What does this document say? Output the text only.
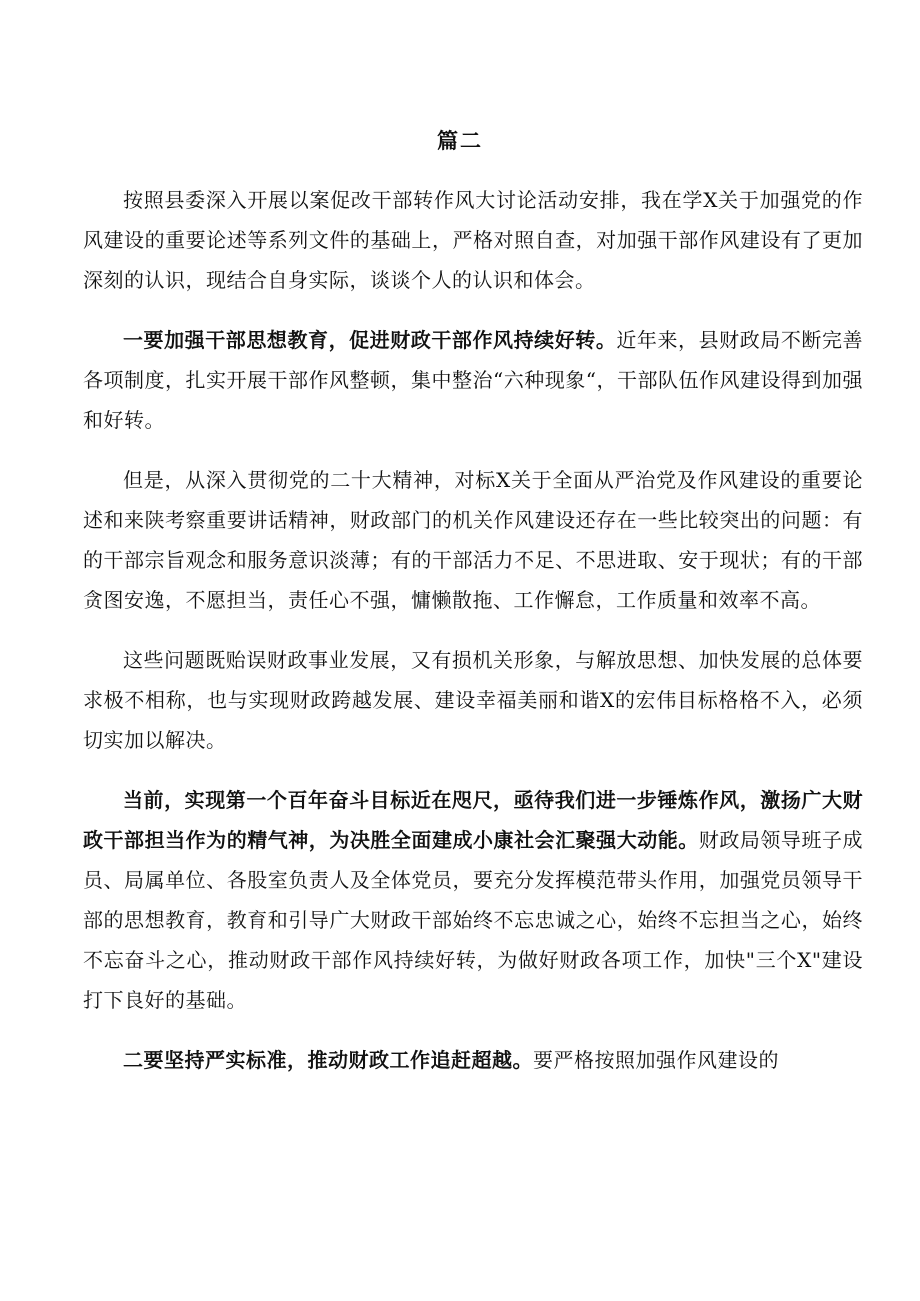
篇二

按照县委深入开展以案促改干部转作风大讨论活动安排，我在学X关于加强党的作风建设的重要论述等系列文件的基础上，严格对照自查，对加强干部作风建设有了更加深刻的认识，现结合自身实际，谈谈个人的认识和体会。

一要加强干部思想教育，促进财政干部作风持续好转。近年来，县财政局不断完善各项制度，扎实开展干部作风整顿，集中整治“六种现象“，干部队伍作风建设得到加强和好转。

但是，从深入贯彻党的二十大精神，对标X关于全面从严治党及作风建设的重要论述和来陕考察重要讲话精神，财政部门的机关作风建设还存在一些比较突出的问题：有的干部宗旨观念和服务意识淡薄；有的干部活力不足、不思进取、安于现状；有的干部贪图安逸，不愿担当，责任心不强，慵懒散拖、工作懈怠，工作质量和效率不高。

这些问题既贻误财政事业发展，又有损机关形象，与解放思想、加快发展的总体要求极不相称，也与实现财政跨越发展、建设幸福美丽和谐X的宏伟目标格格不入，必须切实加以解决。

当前，实现第一个百年奋斗目标近在咫尺，亟待我们进一步锤炼作风，激扬广大财政干部担当作为的精气神，为决胜全面建成小康社会汇聚强大动能。财政局领导班子成员、局属单位、各股室负责人及全体党员，要充分发挥模范带头作用，加强党员领导干部的思想教育，教育和引导广大财政干部始终不忘忠诚之心，始终不忘担当之心，始终不忘奋斗之心，推动财政干部作风持续好转，为做好财政各项工作，加快"三个X"建设打下良好的基础。

二要坚持严实标准，推动财政工作追赶超越。要严格按照加强作风建设的
